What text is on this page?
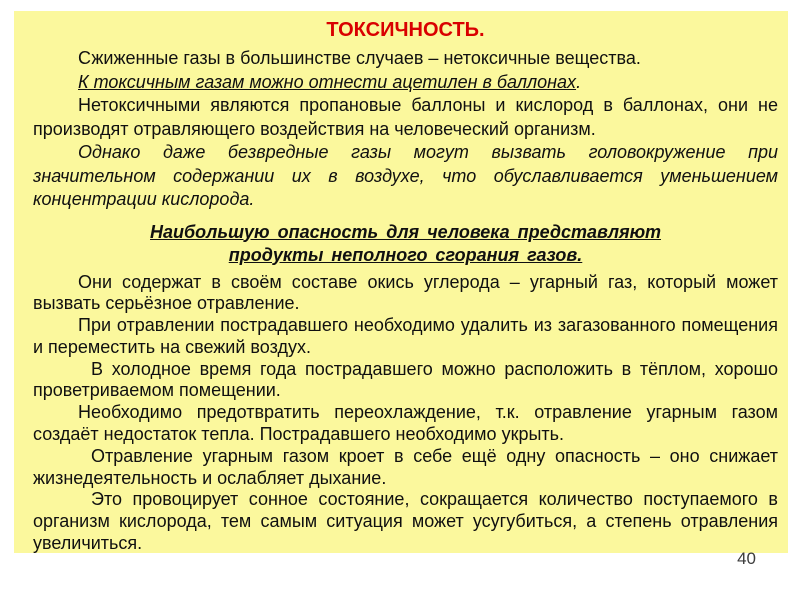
ТОКСИЧНОСТЬ.

Сжиженные газы в большинстве случаев – нетоксичные вещества.

К токсичным газам можно отнести ацетилен в баллонах.

Нетоксичными являются пропановые баллоны и кислород в баллонах, они не производят отравляющего воздействия на человеческий организм.

Однако даже безвредные газы могут вызвать головокружение при значительном содержании их в воздухе, что обуславливается уменьшением концентрации кислорода.

Наибольшую опасность для человека представляют
продукты неполного сгорания газов.

Они содержат в своём составе окись углерода – угарный газ, который может вызвать серьёзное отравление.

При отравлении пострадавшего необходимо удалить из загазованного помещения и переместить на свежий воздух.

В холодное время года пострадавшего можно расположить в тёплом, хорошо проветриваемом помещении.

Необходимо предотвратить переохлаждение, т.к. отравление угарным газом создаёт недостаток тепла. Пострадавшего необходимо укрыть.

Отравление угарным газом кроет в себе ещё одну опасность – оно снижает жизнедеятельность и ослабляет дыхание.

Это провоцирует сонное состояние, сокращается количество поступаемого в организм кислорода, тем самым ситуация может усугубиться, а степень отравления увеличиться.

40
